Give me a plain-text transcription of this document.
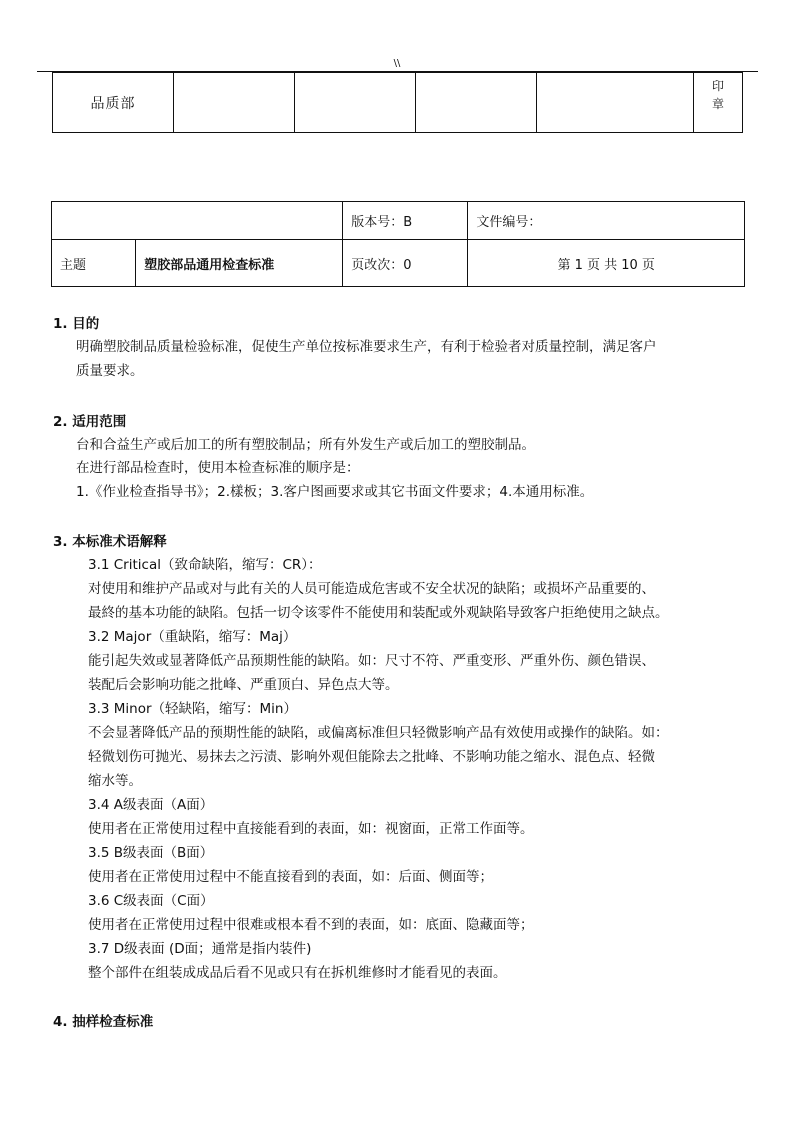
\\
品质部					印
章
		版本号：B	文件编号：
主题	塑胶部品通用检查标准	页改次：0	第 1 页 共 10 页
1. 目的
明确塑胶制品质量检验标准，促使生产单位按标准要求生产，有利于检验者对质量控制，满足客户
质量要求。
2. 适用范围
台和合益生产或后加工的所有塑胶制品；所有外发生产或后加工的塑胶制品。
在进行部品检查时，使用本检查标准的顺序是：
1.《作业检查指导书》；2.樣板；3.客户图画要求或其它书面文件要求；4.本通用标准。
3. 本标准术语解释
3.1 Critical（致命缺陷，缩写：CR）：
对使用和维护产品或对与此有关的人员可能造成危害或不安全状况的缺陷；或损坏产品重要的、
最終的基本功能的缺陷。包括一切令该零件不能使用和装配或外观缺陷导致客户拒绝使用之缺点。
3.2 Major（重缺陷，缩写：Maj）
能引起失效或显著降低产品预期性能的缺陷。如：尺寸不符、严重变形、严重外伤、颜色错误、
装配后会影响功能之批峰、严重顶白、异色点大等。
3.3 Minor（轻缺陷，缩写：Min）
不会显著降低产品的预期性能的缺陷，或偏离标准但只轻微影响产品有效使用或操作的缺陷。如：
轻微划伤可抛光、易抹去之污渍、影响外观但能除去之批峰、不影响功能之缩水、混色点、轻微
缩水等。
3.4 A级表面（A面）
使用者在正常使用过程中直接能看到的表面，如：视窗面，正常工作面等。
3.5 B级表面（B面）
使用者在正常使用过程中不能直接看到的表面，如：后面、侧面等；
3.6 C级表面（C面）
使用者在正常使用过程中很难或根本看不到的表面，如：底面、隐藏面等；
3.7 D级表面 (D面；通常是指内装件)
整个部件在组装成成品后看不见或只有在拆机维修时才能看见的表面。
4. 抽样检查标准
